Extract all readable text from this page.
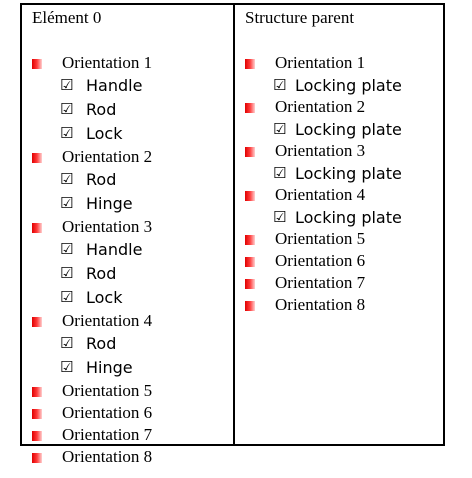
Elément 0
Orientation 1
☑ Handle
☑ Rod
☑ Lock
Orientation 2
☑ Rod
☑ Hinge
Orientation 3
☑ Handle
☑ Rod
☑ Lock
Orientation 4
☑ Rod
☑ Hinge
Orientation 5
Orientation 6
Orientation 7
Orientation 8
Structure parent
Orientation 1
☑ Locking plate
Orientation 2
☑ Locking plate
Orientation 3
☑ Locking plate
Orientation 4
☑ Locking plate
Orientation 5
Orientation 6
Orientation 7
Orientation 8
